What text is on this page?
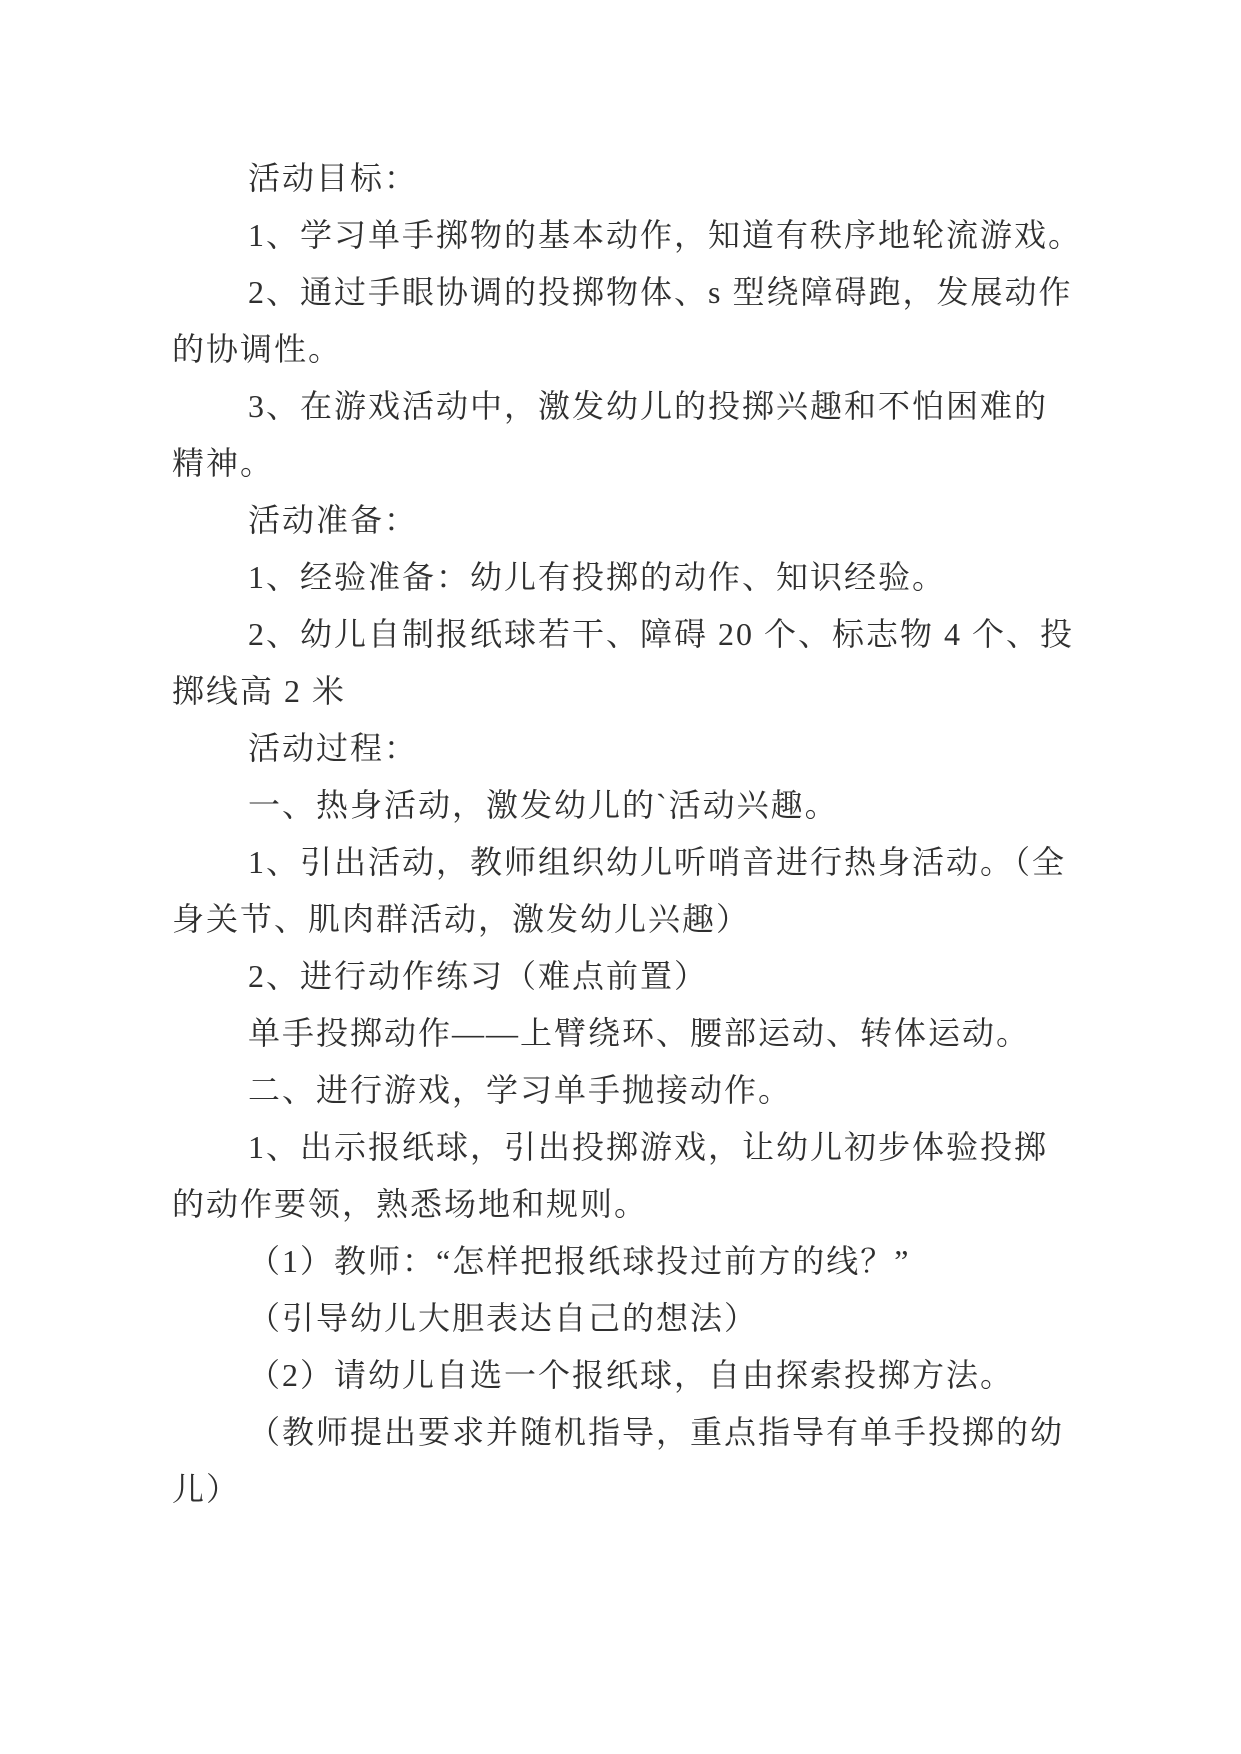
活动目标：
1、学习单手掷物的基本动作，知道有秩序地轮流游戏。
2、通过手眼协调的投掷物体、s 型绕障碍跑，发展动作
的协调性。
3、在游戏活动中，激发幼儿的投掷兴趣和不怕困难的
精神。
活动准备：
1、经验准备：幼儿有投掷的动作、知识经验。
2、幼儿自制报纸球若干、障碍 20 个、标志物 4 个、投
掷线高 2 米
活动过程：
一、热身活动，激发幼儿的`活动兴趣。
1、引出活动，教师组织幼儿听哨音进行热身活动。（全
身关节、肌肉群活动，激发幼儿兴趣）
2、进行动作练习（难点前置）
单手投掷动作——上臂绕环、腰部运动、转体运动。
二、进行游戏，学习单手抛接动作。
1、出示报纸球，引出投掷游戏，让幼儿初步体验投掷
的动作要领，熟悉场地和规则。
（1）教师：“怎样把报纸球投过前方的线？”
（引导幼儿大胆表达自己的想法）
（2）请幼儿自选一个报纸球，自由探索投掷方法。
（教师提出要求并随机指导，重点指导有单手投掷的幼
儿）
